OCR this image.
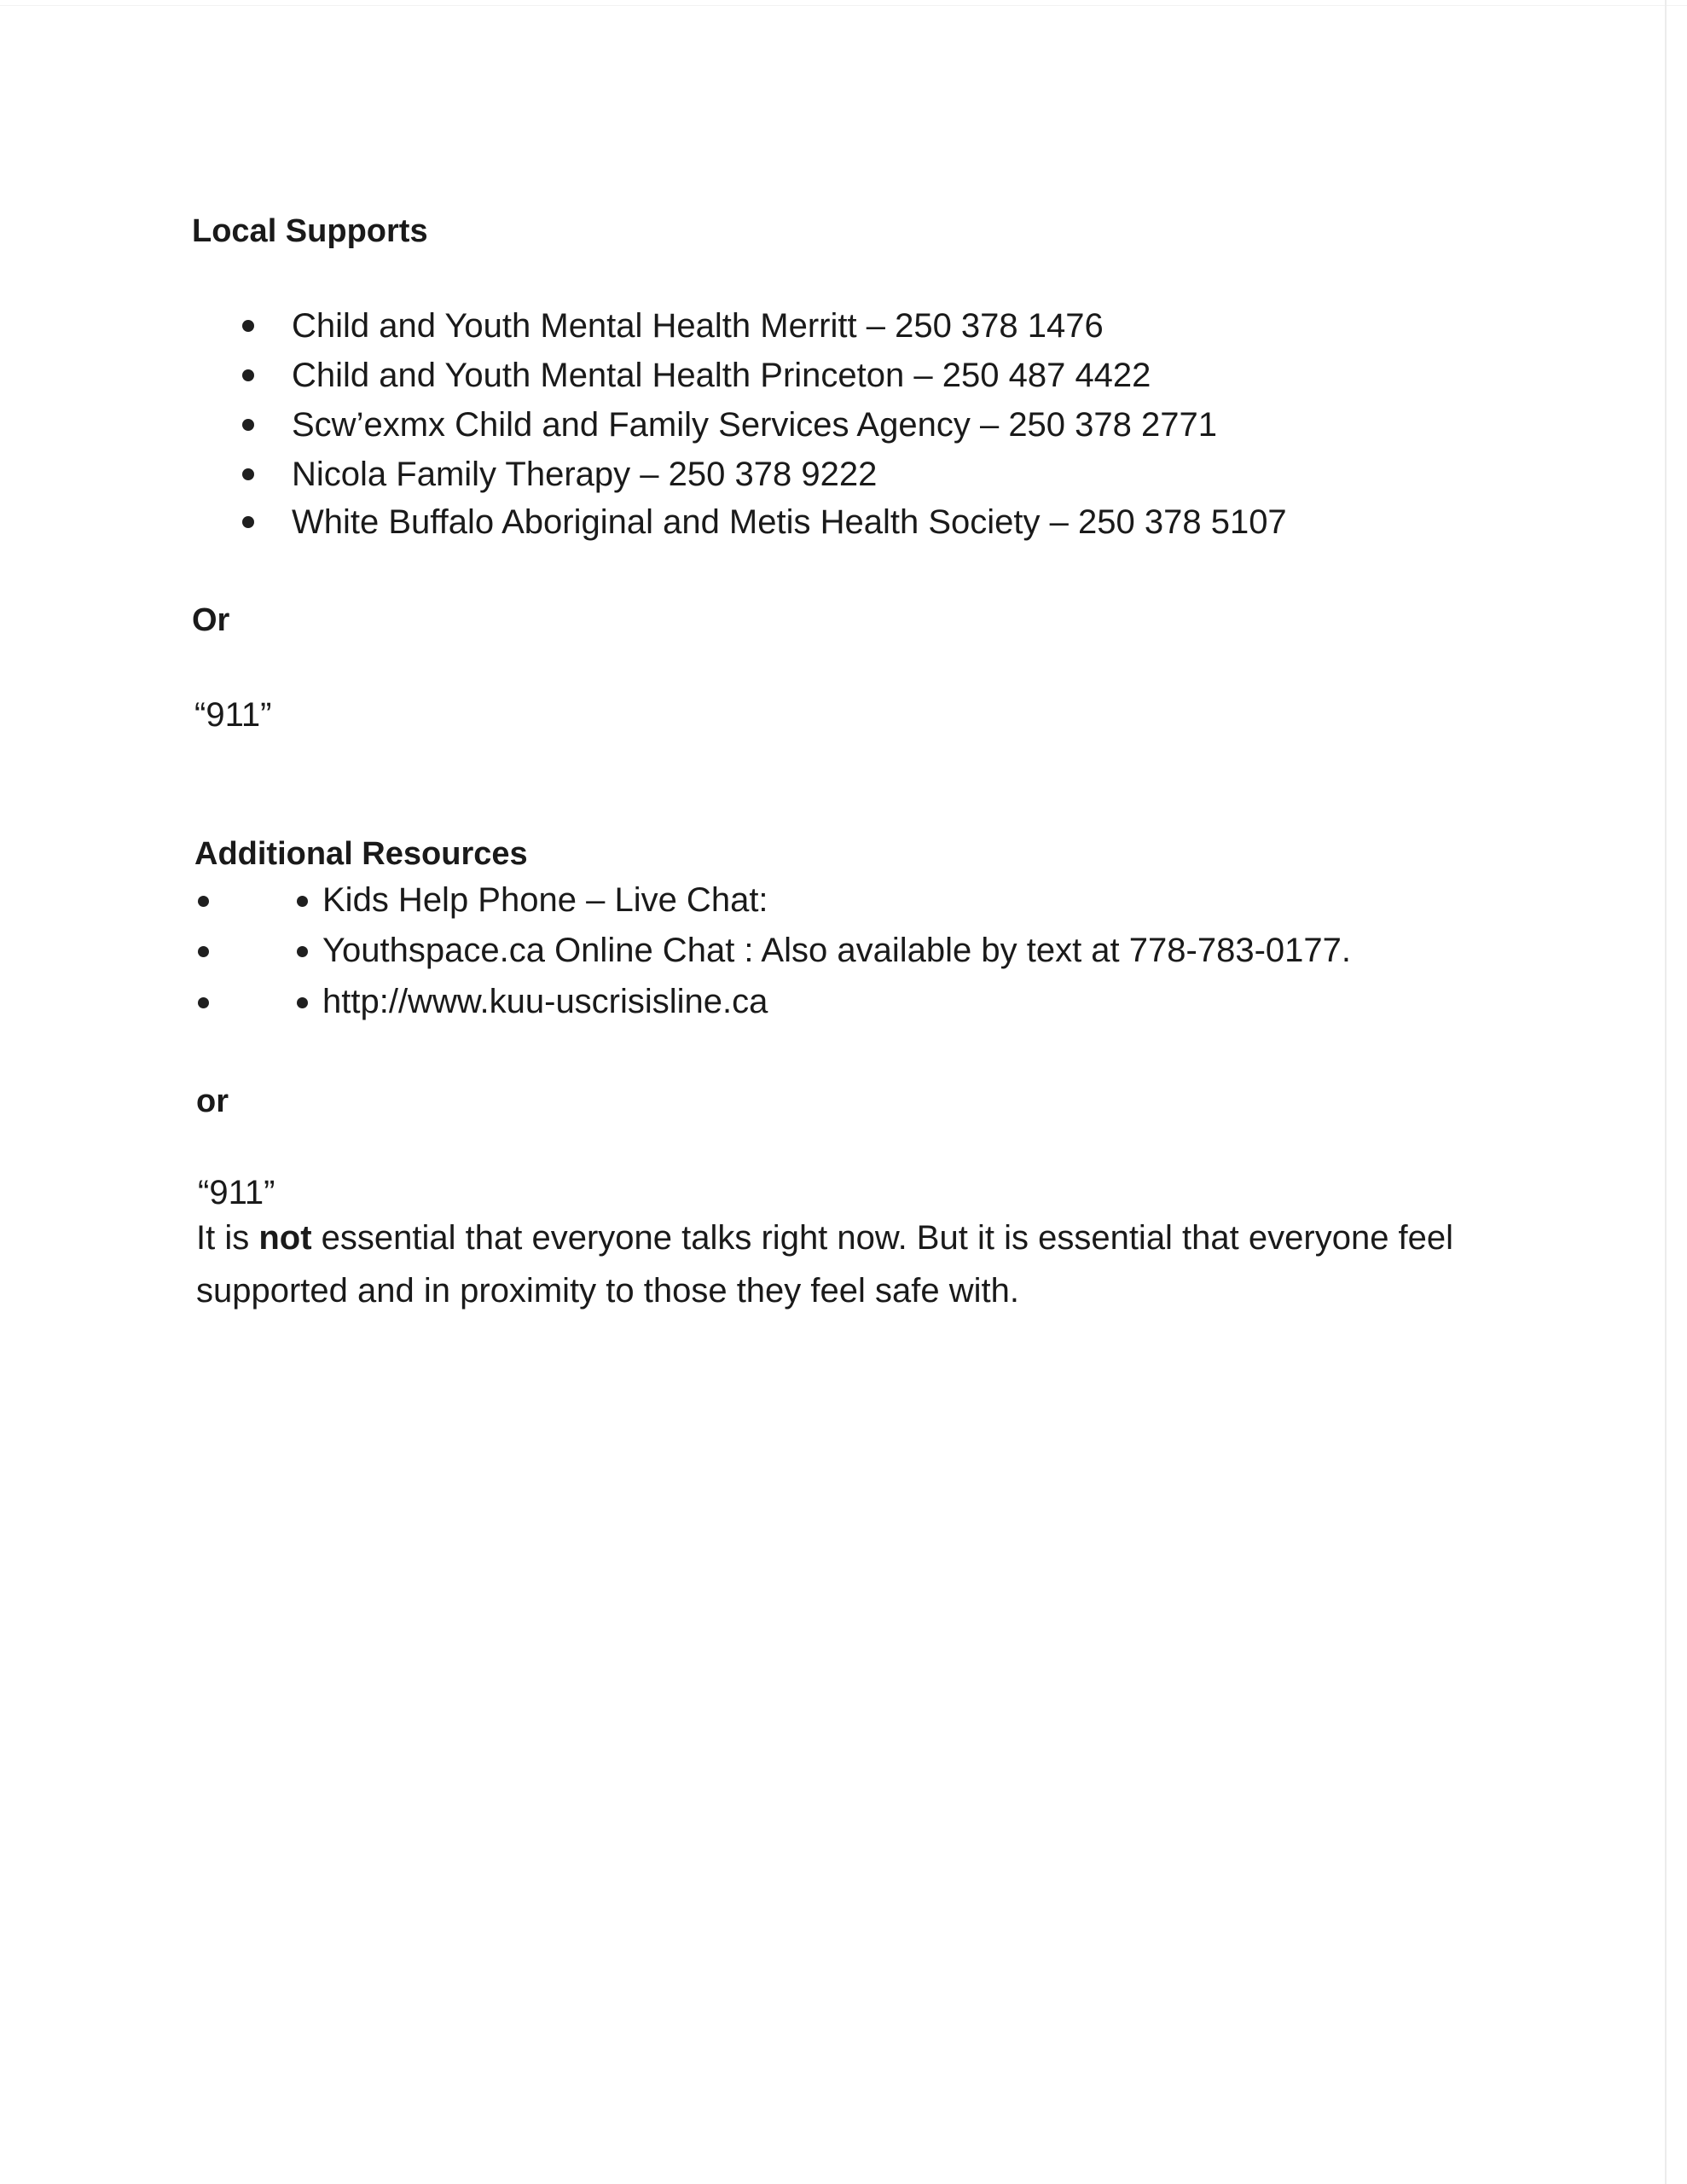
Local Supports
Child and Youth Mental Health Merritt – 250 378 1476
Child and Youth Mental Health Princeton – 250 487 4422
Scw’exmx Child and Family Services Agency – 250 378 2771
Nicola Family Therapy – 250 378 9222
White Buffalo Aboriginal and Metis Health Society – 250 378 5107
Or

“911”

Additional Resources
Kids Help Phone – Live Chat:
Youthspace.ca Online Chat : Also available by text at 778-783-0177.
http://www.kuu-uscrisisline.ca
or

“911”

It is not essential that everyone talks right now. But it is essential that everyone feel supported and in proximity to those they feel safe with.
